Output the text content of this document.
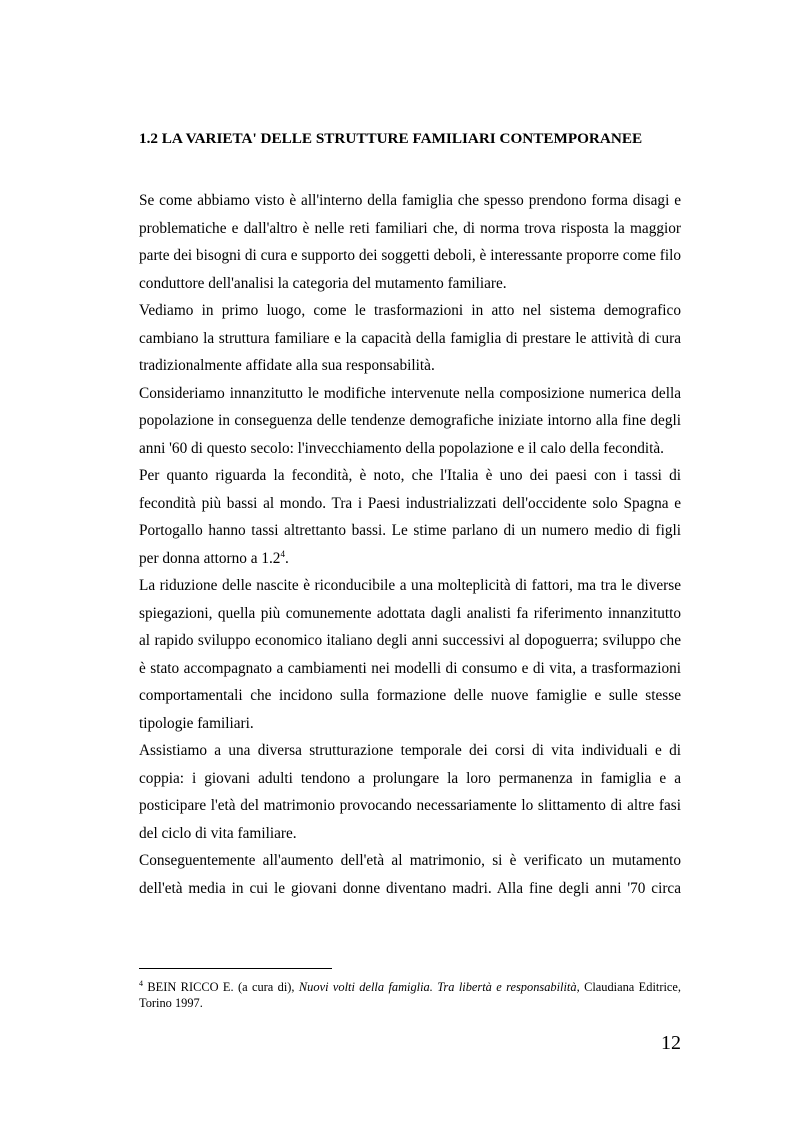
1.2 LA VARIETA' DELLE STRUTTURE FAMILIARI CONTEMPORANEE

Se come abbiamo visto è all'interno della famiglia che spesso prendono forma disagi e problematiche e dall'altro è nelle reti familiari che, di norma trova risposta la maggior parte dei bisogni di cura e supporto dei soggetti deboli, è interessante proporre come filo conduttore dell'analisi la categoria del mutamento familiare.

Vediamo in primo luogo, come le trasformazioni in atto nel sistema demografico cambiano la struttura familiare e la capacità della famiglia di prestare le attività di cura tradizionalmente affidate alla sua responsabilità.

Consideriamo innanzitutto le modifiche intervenute nella composizione numerica della popolazione in conseguenza delle tendenze demografiche iniziate intorno alla fine degli anni '60 di questo secolo: l'invecchiamento della popolazione e il calo della fecondità.

Per quanto riguarda la fecondità, è noto, che l'Italia è uno dei paesi con i tassi di fecondità più bassi al mondo. Tra i Paesi industrializzati dell'occidente solo Spagna e Portogallo hanno tassi altrettanto bassi. Le stime parlano di un numero medio di figli per donna attorno a $1.2^4$.

La riduzione delle nascite è riconducibile a una molteplicità di fattori, ma tra le diverse spiegazioni, quella più comunemente adottata dagli analisti fa riferimento innanzitutto al rapido sviluppo economico italiano degli anni successivi al dopoguerra; sviluppo che è stato accompagnato a cambiamenti nei modelli di consumo e di vita, a trasformazioni comportamentali che incidono sulla formazione delle nuove famiglie e sulle stesse tipologie familiari.

Assistiamo a una diversa strutturazione temporale dei corsi di vita individuali e di coppia: i giovani adulti tendono a prolungare la loro permanenza in famiglia e a posticipare l'età del matrimonio provocando necessariamente lo slittamento di altre fasi del ciclo di vita familiare.

Conseguentemente all'aumento dell'età al matrimonio, si è verificato un mutamento dell'età media in cui le giovani donne diventano madri. Alla fine degli anni '70 circa

$^4$ BEIN RICCO E. (a cura di), Nuovi volti della famiglia. Tra libertà e responsabilità, Claudiana Editrice, Torino 1997.
12
